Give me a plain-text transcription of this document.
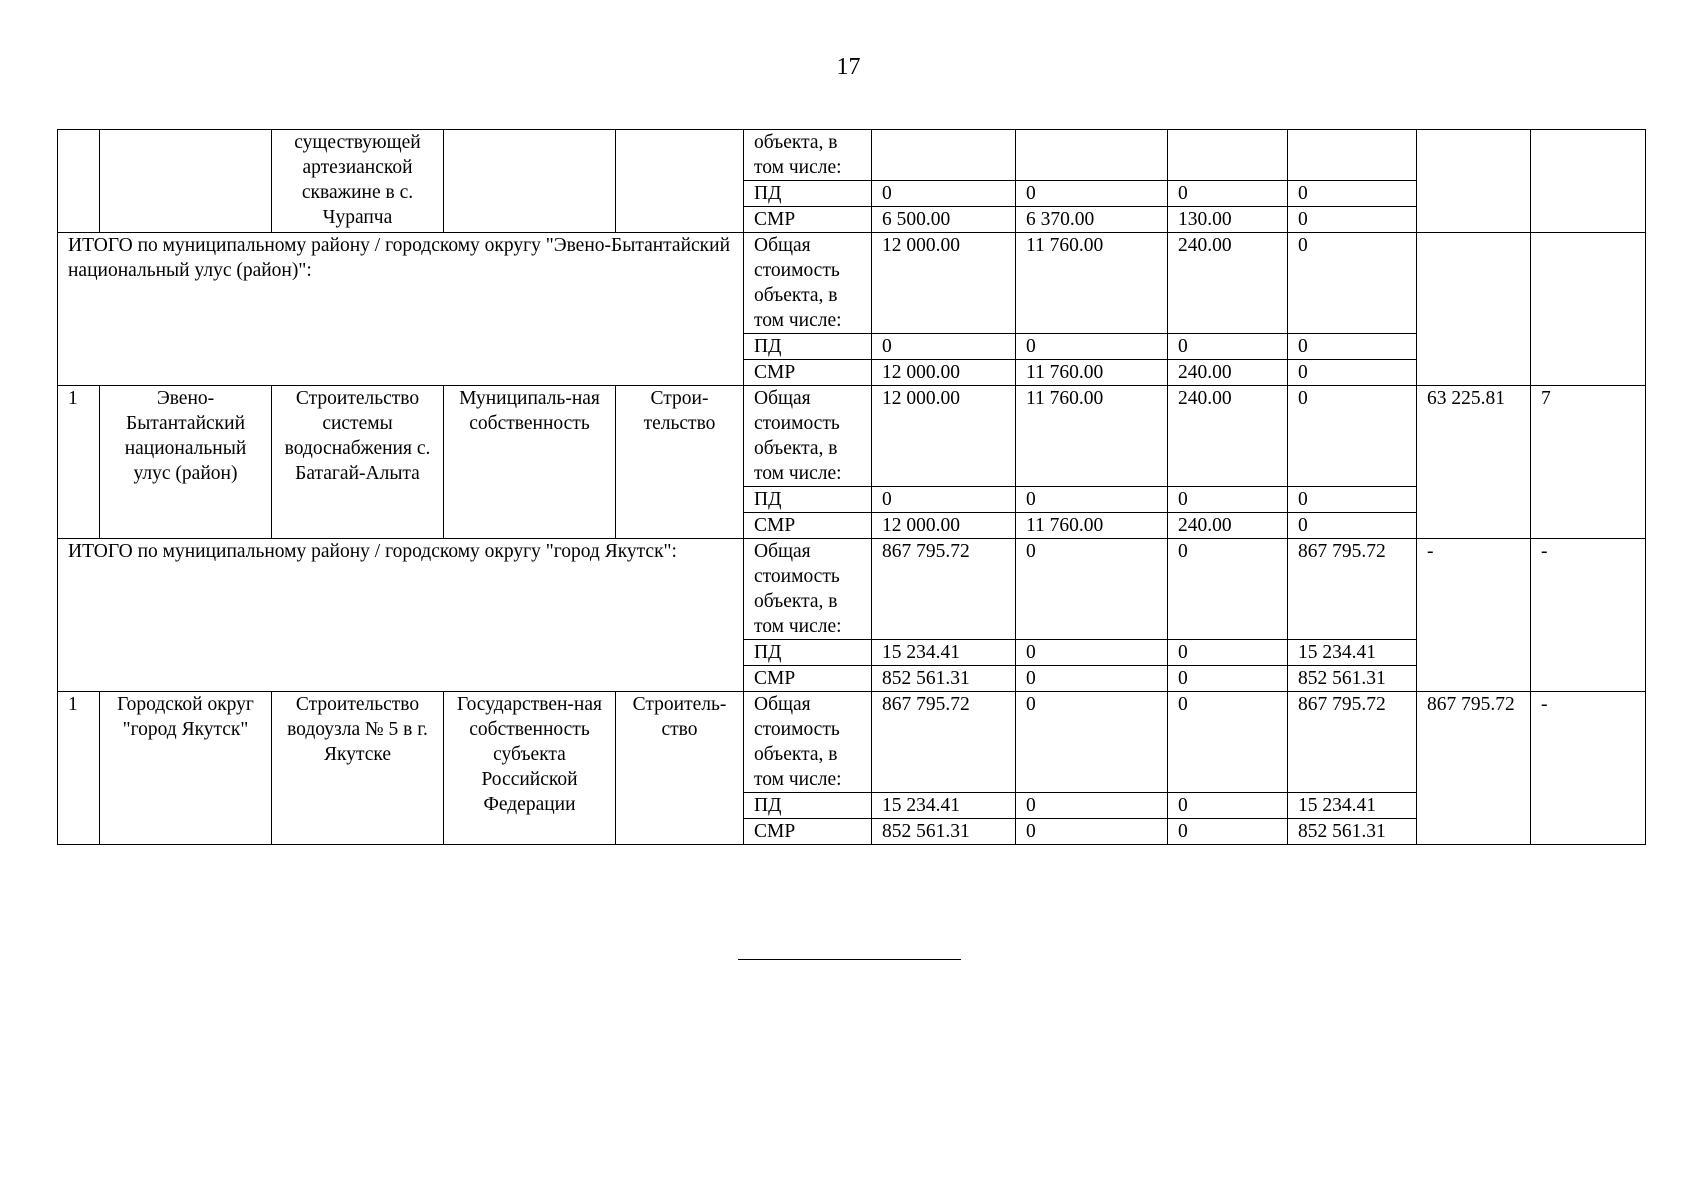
17
		существующей артезианской скважине в с. Чурапча			объекта, в том числе:						
					ПД	0	0	0	0		
					СМР	6 500.00	6 370.00	130.00	0		
ИТОГО по муниципальному району / городскому округу "Эвено-Бытантайский национальный улус (район)":					Общая стоимость объекта, в том числе:	12 000.00	11 760.00	240.00	0		
					ПД	0	0	0	0		
					СМР	12 000.00	11 760.00	240.00	0		
1	Эвено-Бытантайский национальный улус (район)	Строительство системы водоснабжения с. Батагай-Алыта	Муниципаль-ная собственность	Строи-тельство	Общая стоимость объекта, в том числе:	12 000.00	11 760.00	240.00	0	63 225.81	7
					ПД	0	0	0	0		
					СМР	12 000.00	11 760.00	240.00	0		
ИТОГО по муниципальному району / городскому округу "город Якутск":					Общая стоимость объекта, в том числе:	867 795.72	0	0	867 795.72	-	-
					ПД	15 234.41	0	0	15 234.41		
					СМР	852 561.31	0	0	852 561.31		
1	Городской округ "город Якутск"	Строительство водоузла № 5 в г. Якутске	Государствен-ная собственность субъекта Российской Федерации	Строитель-ство	Общая стоимость объекта, в том числе:	867 795.72	0	0	867 795.72	867 795.72	-
					ПД	15 234.41	0	0	15 234.41		
					СМР	852 561.31	0	0	852 561.31		
